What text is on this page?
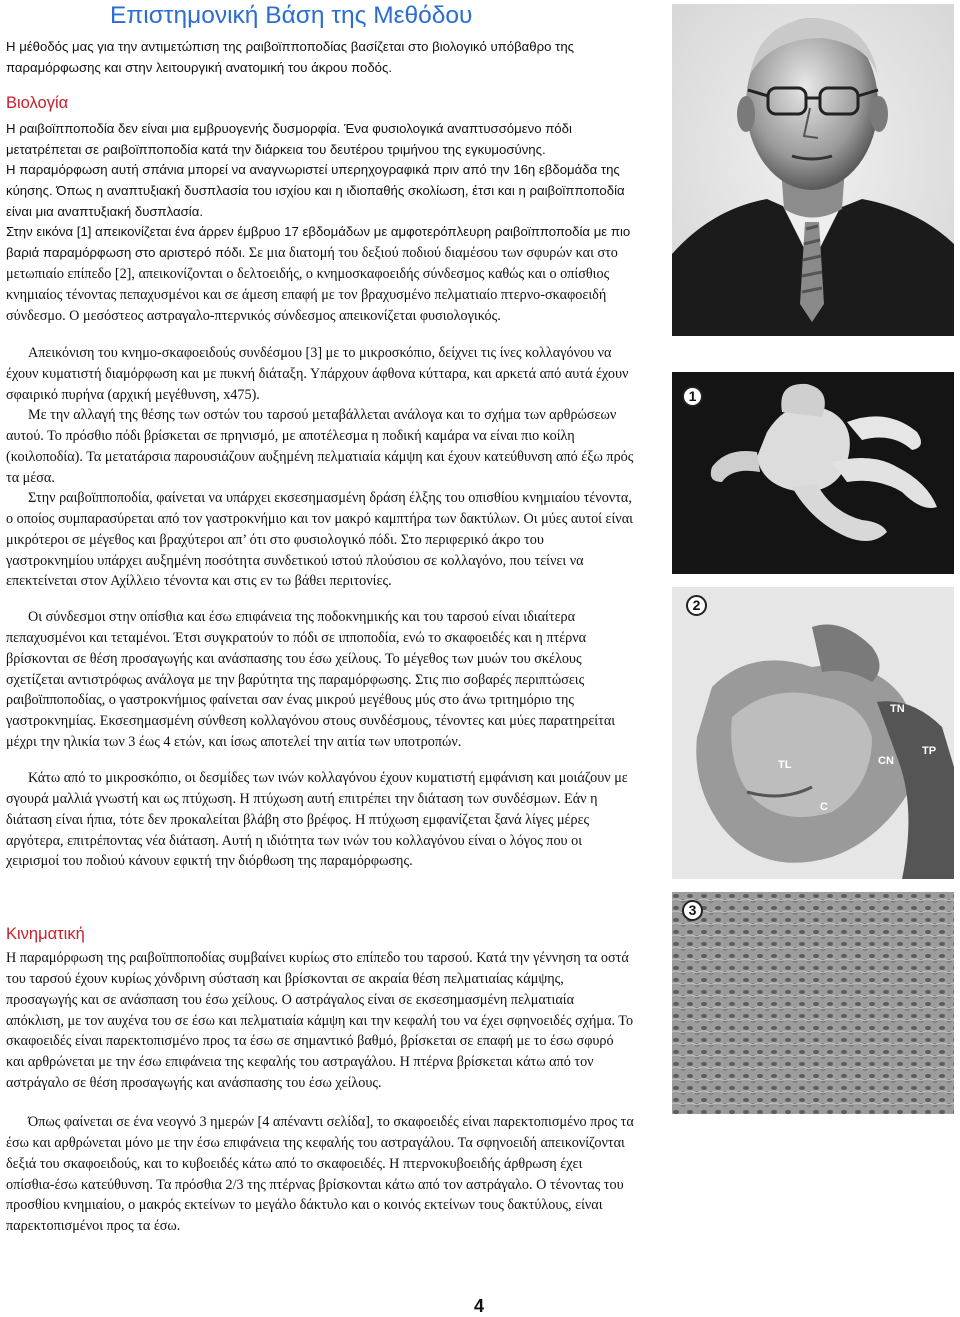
Επιστημονική Βάση της Μεθόδου

Η μέθοδός μας για την αντιμετώπιση της ραιβοϊπποποδίας βασίζεται στο βιολογικό υπόβαθρο της παραμόρφωσης και στην λειτουργική ανατομική του άκρου ποδός.

Βιολογία

Η ραιβοϊπποποδία δεν είναι μια εμβρυογενής δυσμορφία. Ένα φυσιολογικά αναπτυσσόμενο πόδι μετατρέπεται σε ραιβοϊπποποδία κατά την διάρκεια του δευτέρου τριμήνου της εγκυμοσύνης.

Η παραμόρφωση αυτή σπάνια μπορεί να αναγνωριστεί υπερηχογραφικά πριν από την 16η εβδομάδα της κύησης. Όπως η αναπτυξιακή δυσπλασία του ισχίου και η ιδιοπαθής σκολίωση, έτσι και η ραιβοϊπποποδία είναι μια αναπτυξιακή δυσπλασία.

Στην εικόνα [1] απεικονίζεται ένα άρρεν έμβρυο 17 εβδομάδων με αμφοτερόπλευρη ραιβοϊπποποδία με πιο βαριά παραμόρφωση στο αριστερό πόδι. Σε μια διατομή του δεξιού ποδιού διαμέσου των σφυρών και στο μετωπιαίο επίπεδο [2], απεικονίζονται ο δελτοειδής, ο κνημοσκαφοειδής σύνδεσμος καθώς και ο οπίσθιος κνημιαίος τένοντας πεπαχυσμένοι και σε άμεση επαφή με τον βραχυσμένο πελματιαίο πτερνο-σκαφοειδή σύνδεσμο. Ο μεσόστεος αστραγαλο-πτερνικός σύνδεσμος απεικονίζεται φυσιολογικός.

Απεικόνιση του κνημο-σκαφοειδούς συνδέσμου [3] με το μικροσκόπιο, δείχνει τις ίνες κολλαγόνου να έχουν κυματιστή διαμόρφωση και με πυκνή διάταξη. Υπάρχουν άφθονα κύτταρα, και αρκετά από αυτά έχουν σφαιρικό πυρήνα (αρχική μεγέθυνση, x475).

Με την αλλαγή της θέσης των οστών του ταρσού μεταβάλλεται ανάλογα και το σχήμα των αρθρώσεων αυτού. Το πρόσθιο πόδι βρίσκεται σε πρηνισμό, με αποτέλεσμα η ποδική καμάρα να είναι πιο κοίλη (κοιλοποδία). Τα μετατάρσια παρουσιάζουν αυξημένη πελματιαία κάμψη και έχουν κατεύθυνση από έξω πρός τα μέσα.

Στην ραιβοϊπποποδία, φαίνεται να υπάρχει εκσεσημασμένη δράση έλξης του οπισθίου κνημιαίου τένοντα, ο οποίος συμπαρασύρεται από τον γαστροκνήμιο και τον μακρό καμπτήρα των δακτύλων. Οι μύες αυτοί είναι μικρότεροι σε μέγεθος και βραχύτεροι απ’ ότι στο φυσιολογικό πόδι. Στο περιφερικό άκρο του γαστροκνημίου υπάρχει αυξημένη ποσότητα συνδετικού ιστού πλούσιου σε κολλαγόνο, που τείνει να επεκτείνεται στον Αχίλλειο τένοντα και στις εν τω βάθει περιτονίες.

Οι σύνδεσμοι στην οπίσθια και έσω επιφάνεια της ποδοκνημικής και του ταρσού είναι ιδιαίτερα πεπαχυσμένοι και τεταμένοι. Έτσι συγκρατούν το πόδι σε ιπποποδία, ενώ το σκαφοειδές και η πτέρνα βρίσκονται σε θέση προσαγωγής και ανάσπασης του έσω χείλους. Το μέγεθος των μυών του σκέλους σχετίζεται αντιστρόφως ανάλογα με την βαρύτητα της παραμόρφωσης. Στις πιο σοβαρές περιπτώσεις ραιβοϊπποποδίας, ο γαστροκνήμιος φαίνεται σαν ένας μικρού μεγέθους μύς στο άνω τριτημόριο της γαστροκνημίας. Εκσεσημασμένη σύνθεση κολλαγόνου στους συνδέσμους, τένοντες και μύες παρατηρείται μέχρι την ηλικία των 3 έως 4 ετών, και ίσως αποτελεί την αιτία των υποτροπών.

Κάτω από το μικροσκόπιο, οι δεσμίδες των ινών κολλαγόνου έχουν κυματιστή εμφάνιση και μοιάζουν με σγουρά μαλλιά γνωστή και ως πτύχωση. Η πτύχωση αυτή επιτρέπει την διάταση των συνδέσμων. Εάν η διάταση είναι ήπια, τότε δεν προκαλείται βλάβη στο βρέφος. Η πτύχωση εμφανίζεται ξανά λίγες μέρες αργότερα, επιτρέποντας νέα διάταση. Αυτή η ιδιότητα των ινών του κολλαγόνου είναι ο λόγος που οι χειρισμοί του ποδιού κάνουν εφικτή την διόρθωση της παραμόρφωσης.

Κινηματική

Η παραμόρφωση της ραιβοϊπποποδίας συμβαίνει κυρίως στο επίπεδο του ταρσού. Κατά την γέννηση τα οστά του ταρσού έχουν κυρίως χόνδρινη σύσταση και βρίσκονται σε ακραία θέση πελματιαίας κάμψης, προσαγωγής και σε ανάσπαση του έσω χείλους. Ο αστράγαλος είναι σε εκσεσημασμένη πελματιαία απόκλιση, με τον αυχένα του σε έσω και πελματιαία κάμψη και την κεφαλή του να έχει σφηνοειδές σχήμα. Το σκαφοειδές είναι παρεκτοπισμένο προς τα έσω σε σημαντικό βαθμό, βρίσκεται σε επαφή με το έσω σφυρό και αρθρώνεται με την έσω επιφάνεια της κεφαλής του αστραγάλου. Η πτέρνα βρίσκεται κάτω από τον αστράγαλο σε θέση προσαγωγής και ανάσπασης του έσω χείλους.

Όπως φαίνεται σε ένα νεογνό 3 ημερών [4 απέναντι σελίδα], το σκαφοειδές είναι παρεκτοπισμένο προς τα έσω και αρθρώνεται μόνο με την έσω επιφάνεια της κεφαλής του αστραγάλου. Τα σφηνοειδή απεικονίζονται δεξιά του σκαφοειδούς, και το κυβοειδές κάτω από το σκαφοειδές. Η πτερνοκυβοειδής άρθρωση έχει οπίσθια-έσω κατεύθυνση. Τα πρόσθια 2/3 της πτέρνας βρίσκονται κάτω από τον αστράγαλο. Ο τένοντας του προσθίου κνημιαίου, ο μακρός εκτείνων το μεγάλο δάκτυλο και ο κοινός εκτείνων τους δακτύλους, είναι παρεκτοπισμένοι προς τα έσω.

1
2
TN
TP
CN
TL
C
3
4
